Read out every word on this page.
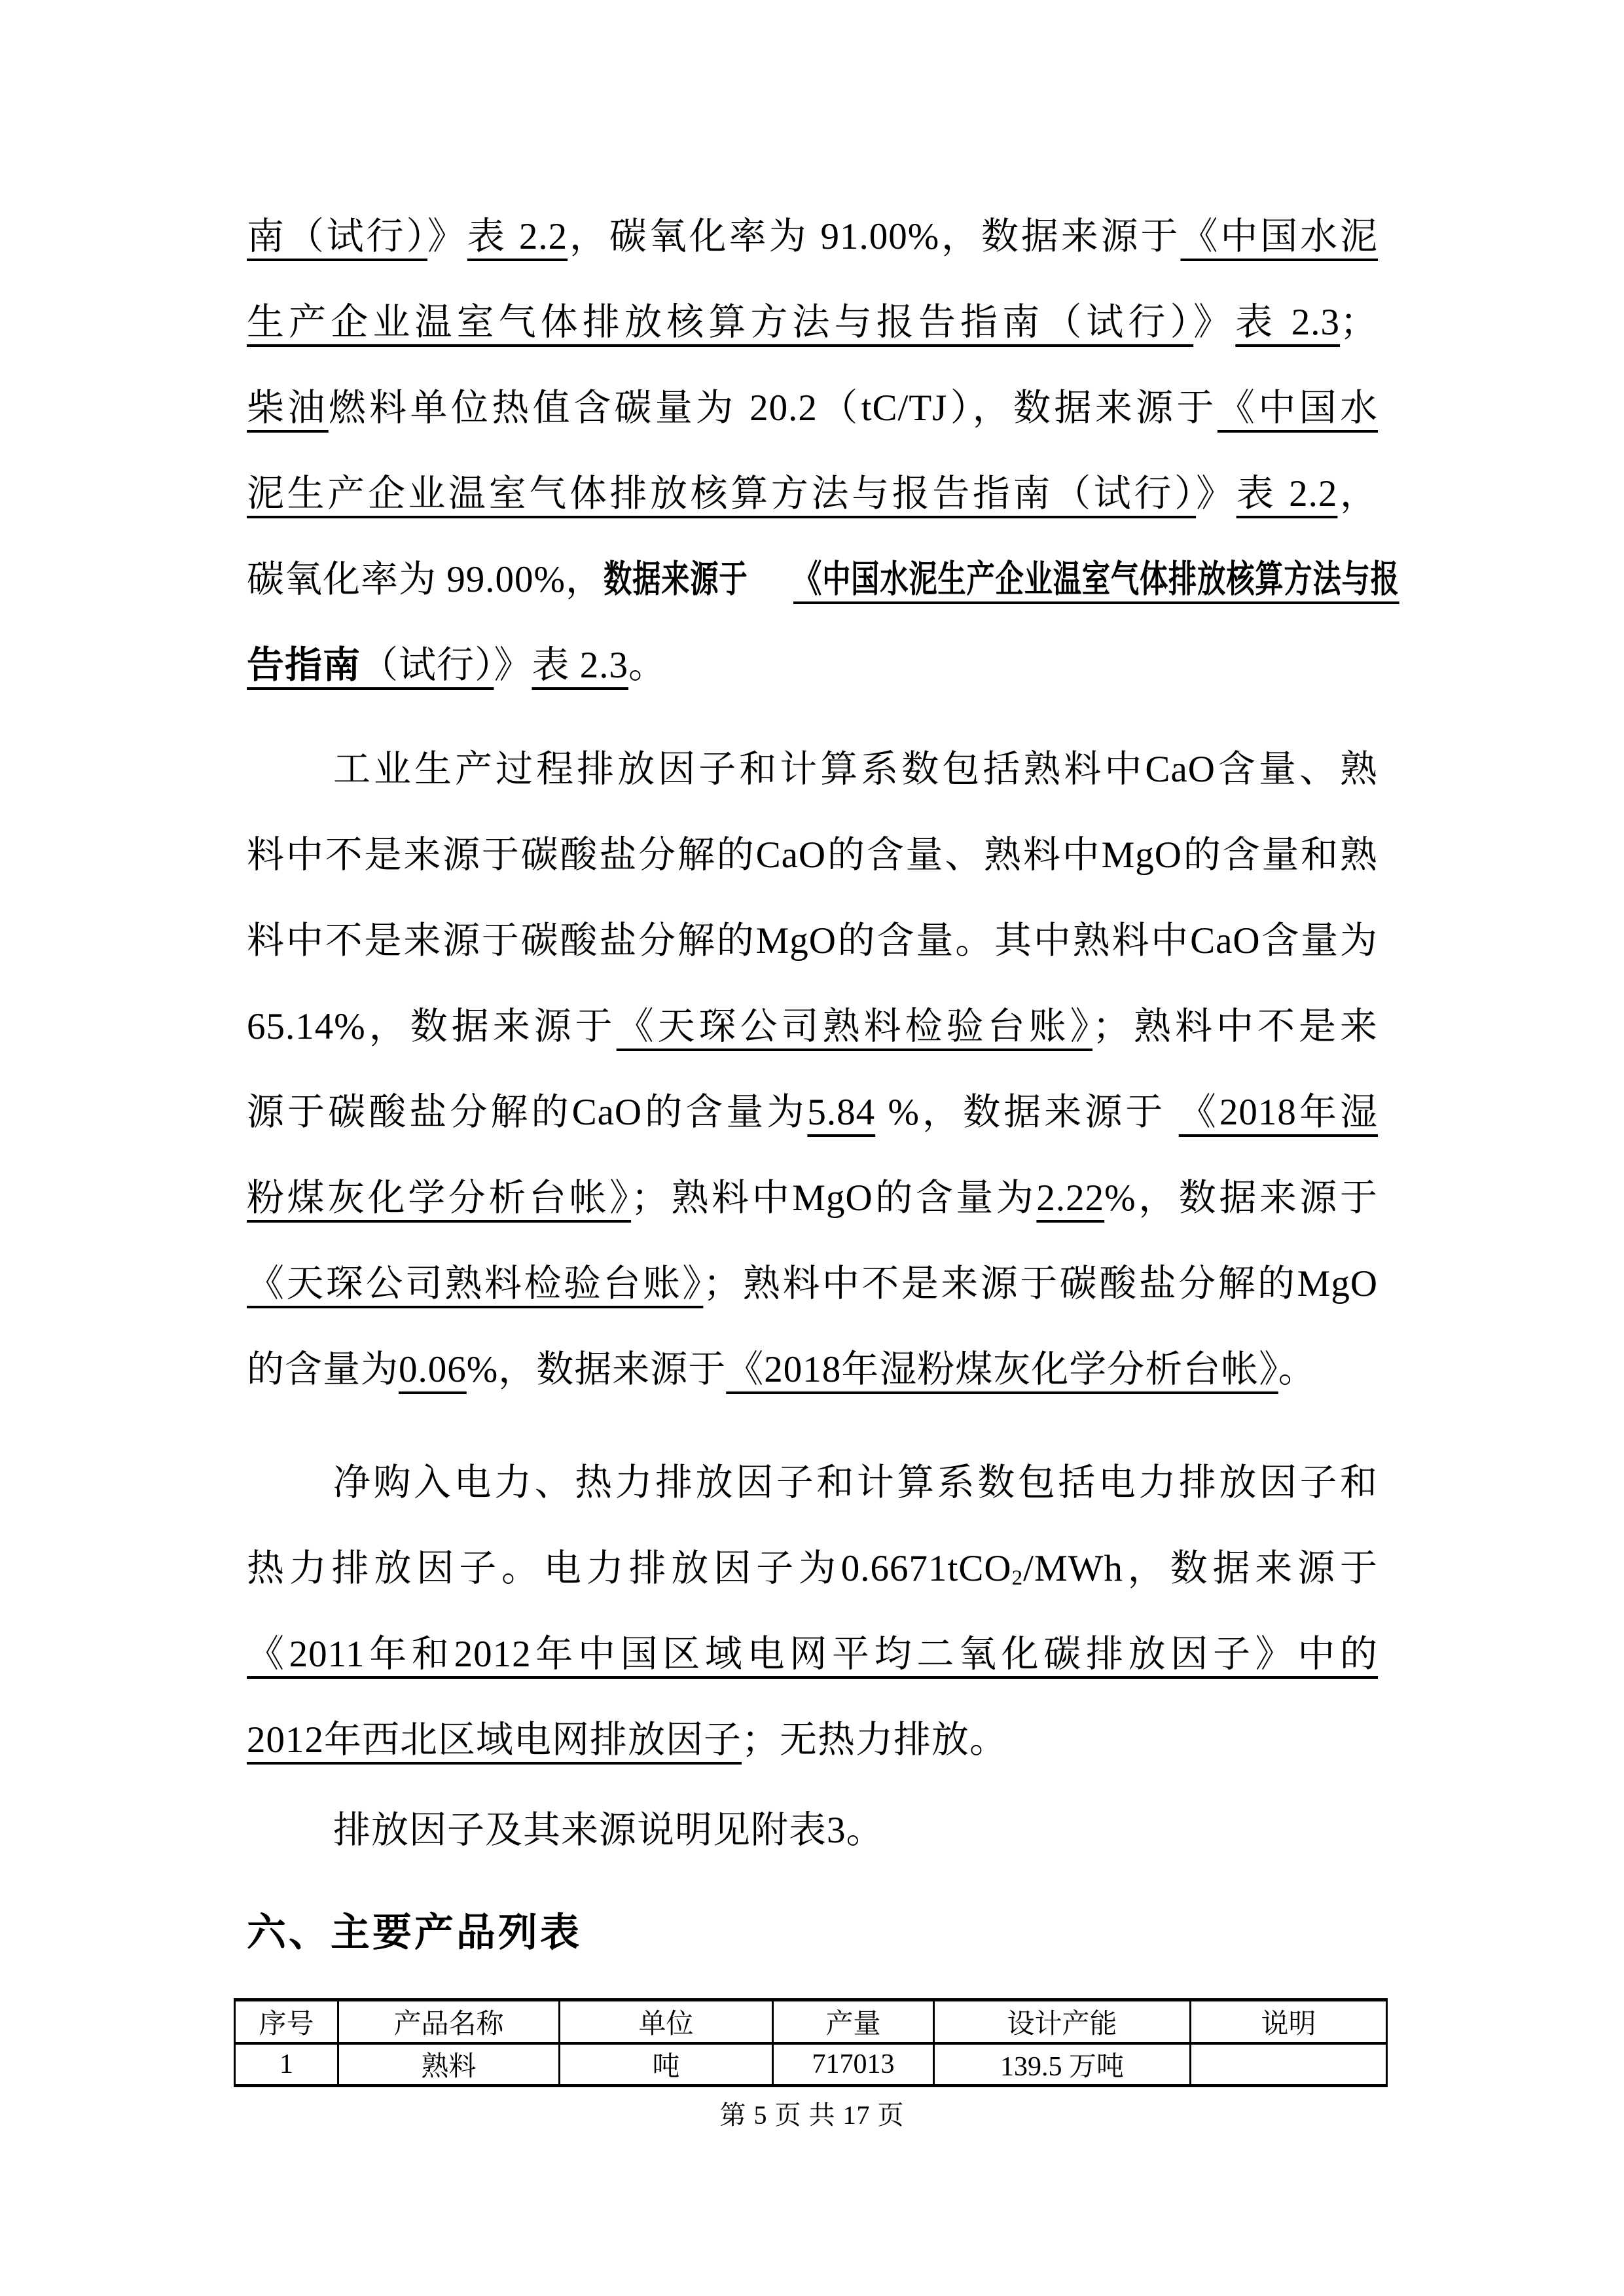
南（试行）》表 2.2，碳氧化率为 91.00%，数据来源于《中国水泥
生产企业温室气体排放核算方法与报告指南（试行）》表 2.3；
柴油燃料单位热值含碳量为 20.2（tC/TJ），数据来源于《中国水
泥生产企业温室气体排放核算方法与报告指南（试行）》表 2.2，
碳氧化率为 99.00%，数据来源于 《中国水泥生产企业温室气体排放核算方法与报
告指南（试行）》表 2.3。
工业生产过程排放因子和计算系数包括熟料中CaO含量、熟
料中不是来源于碳酸盐分解的CaO的含量、熟料中MgO的含量和熟
料中不是来源于碳酸盐分解的MgO的含量。其中熟料中CaO含量为
65.14%，数据来源于《天琛公司熟料检验台账》；熟料中不是来
源于碳酸盐分解的CaO的含量为5.84 %，数据来源于 《2018年湿
粉煤灰化学分析台帐》；熟料中MgO的含量为2.22%，数据来源于
《天琛公司熟料检验台账》；熟料中不是来源于碳酸盐分解的MgO
的含量为0.06%，数据来源于《2018年湿粉煤灰化学分析台帐》。
净购入电力、热力排放因子和计算系数包括电力排放因子和
热力排放因子。电力排放因子为0.6671tCO2/MWh，数据来源于
《2011年和2012年中国区域电网平均二氧化碳排放因子》中的
2012年西北区域电网排放因子；无热力排放。
排放因子及其来源说明见附表3。
六、主要产品列表
序号	产品名称	单位	产量	设计产能	说明
1	熟料	吨	717013	139.5 万吨	
第 5 页 共 17 页
